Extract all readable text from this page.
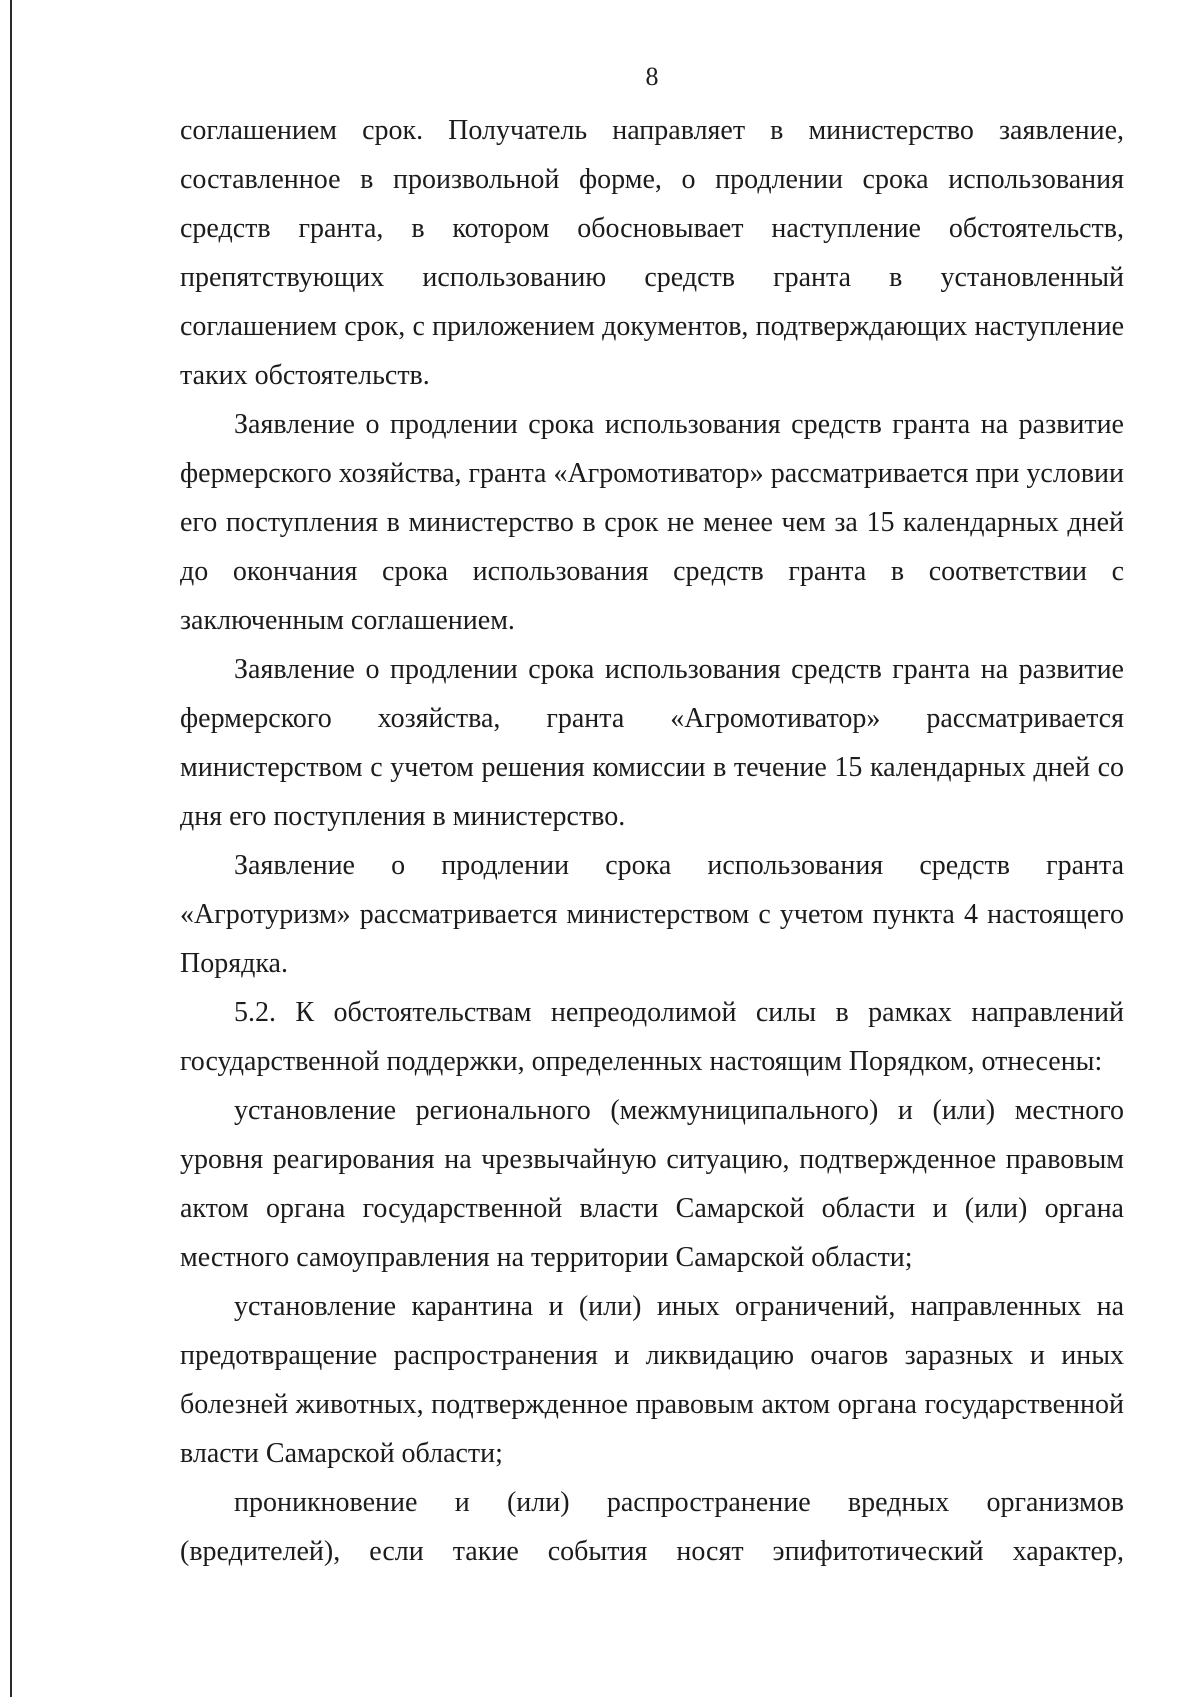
8

соглашением срок. Получатель направляет в министерство заявление, составленное в произвольной форме, о продлении срока использования средств гранта, в котором обосновывает наступление обстоятельств, препятствующих использованию средств гранта в установленный соглашением срок, с приложением документов, подтверждающих наступление таких обстоятельств.

Заявление о продлении срока использования средств гранта на развитие фермерского хозяйства, гранта «Агромотиватор» рассматривается при условии его поступления в министерство в срок не менее чем за 15 календарных дней до окончания срока использования средств гранта в соответствии с заключенным соглашением.

Заявление о продлении срока использования средств гранта на развитие фермерского хозяйства, гранта «Агромотиватор» рассматривается министерством с учетом решения комиссии в течение 15 календарных дней со дня его поступления в министерство.

Заявление о продлении срока использования средств гранта «Агротуризм» рассматривается министерством с учетом пункта 4 настоящего Порядка.

5.2. К обстоятельствам непреодолимой силы в рамках направлений государственной поддержки, определенных настоящим Порядком, отнесены:

установление регионального (межмуниципального) и (или) местного уровня реагирования на чрезвычайную ситуацию, подтвержденное правовым актом органа государственной власти Самарской области и (или) органа местного самоуправления на территории Самарской области;

установление карантина и (или) иных ограничений, направленных на предотвращение распространения и ликвидацию очагов заразных и иных болезней животных, подтвержденное правовым актом органа государственной власти Самарской области;

проникновение и (или) распространение вредных организмов (вредителей), если такие события носят эпифитотический характер,
